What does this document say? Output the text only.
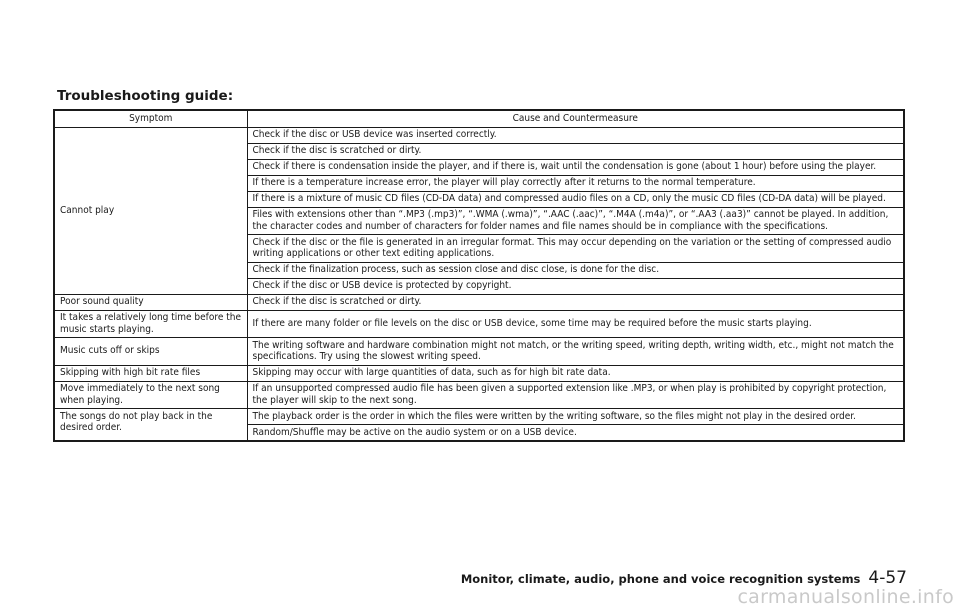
Troubleshooting guide:
Symptom	Cause and Countermeasure
Cannot play	Check if the disc or USB device was inserted correctly.
	Check if the disc is scratched or dirty.
	Check if there is condensation inside the player, and if there is, wait until the condensation is gone (about 1 hour) before using the player.
	If there is a temperature increase error, the player will play correctly after it returns to the normal temperature.
	If there is a mixture of music CD files (CD-DA data) and compressed audio files on a CD, only the music CD files (CD-DA data) will be played.
	Files with extensions other than “.MP3 (.mp3)”, “.WMA (.wma)”, “.AAC (.aac)”, “.M4A (.m4a)”, or “.AA3 (.aa3)” cannot be played. In addition, the character codes and number of characters for folder names and file names should be in compliance with the specifications.
	Check if the disc or the file is generated in an irregular format. This may occur depending on the variation or the setting of compressed audio writing applications or other text editing applications.
	Check if the finalization process, such as session close and disc close, is done for the disc.
	Check if the disc or USB device is protected by copyright.
Poor sound quality	Check if the disc is scratched or dirty.
It takes a relatively long time before the music starts playing.	If there are many folder or file levels on the disc or USB device, some time may be required before the music starts playing.
Music cuts off or skips	The writing software and hardware combination might not match, or the writing speed, writing depth, writing width, etc., might not match the specifications. Try using the slowest writing speed.
Skipping with high bit rate files	Skipping may occur with large quantities of data, such as for high bit rate data.
Move immediately to the next song when playing.	If an unsupported compressed audio file has been given a supported extension like .MP3, or when play is prohibited by copyright protection, the player will skip to the next song.
The songs do not play back in the desired order.	The playback order is the order in which the files were written by the writing software, so the files might not play in the desired order.
	Random/Shuffle may be active on the audio system or on a USB device.
Monitor, climate, audio, phone and voice recognition systems 4-57
carmanualsonline.info
